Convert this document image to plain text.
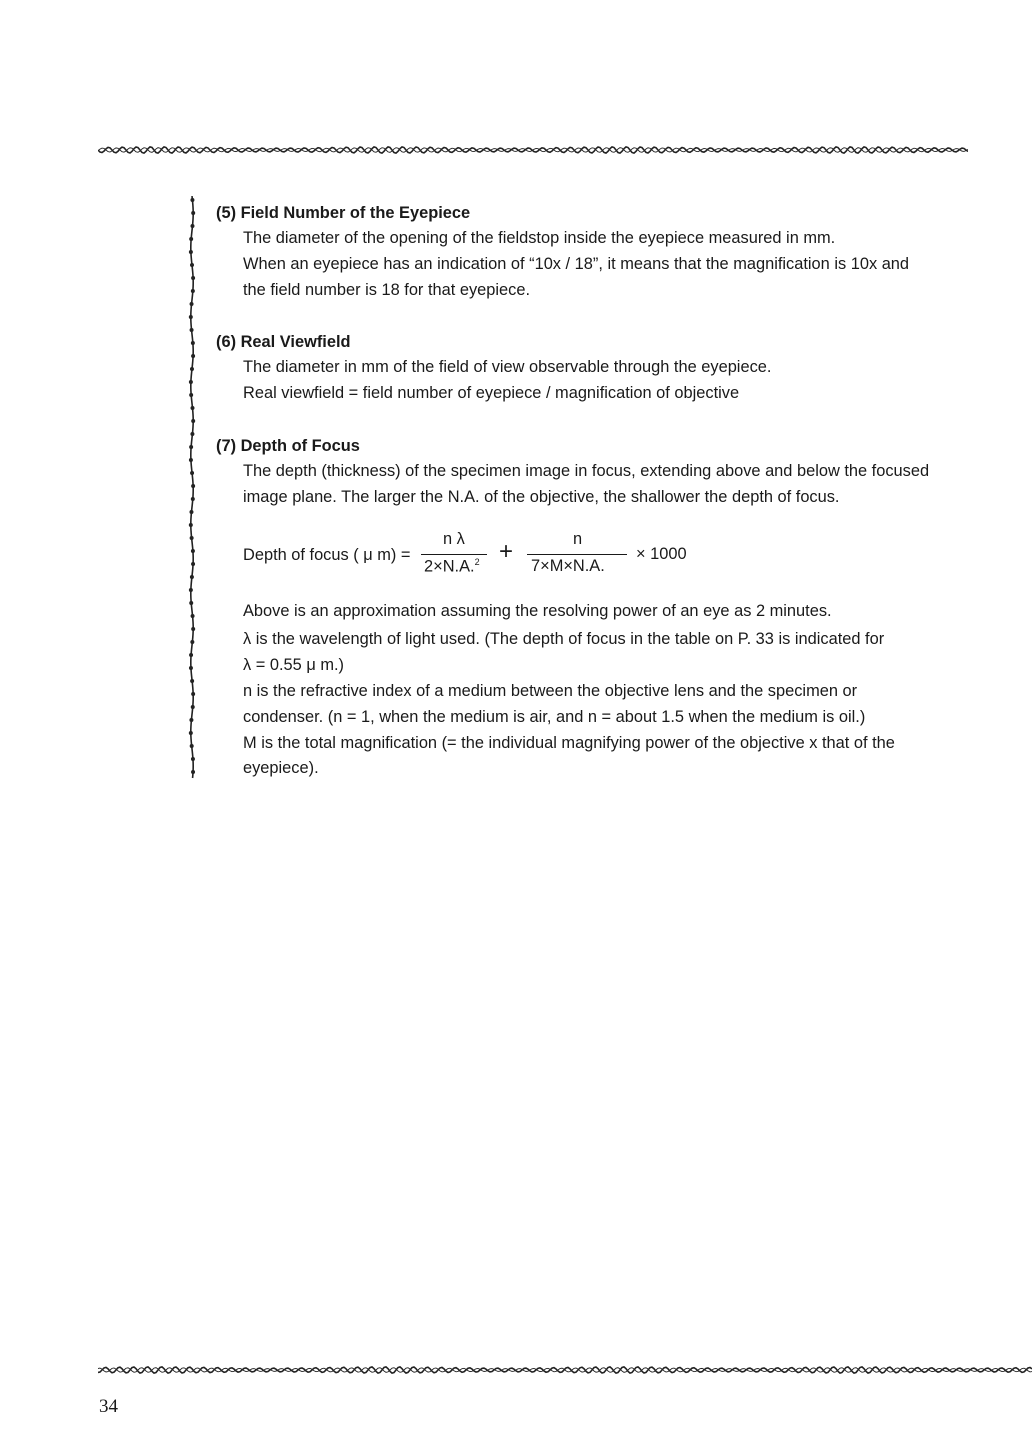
(5) Field Number of the Eyepiece
The diameter of the opening of the fieldstop inside the eyepiece measured in mm.
When an eyepiece has an indication of “10x / 18”, it means that the magnification is 10x and
the field number is 18 for that eyepiece.
(6) Real Viewfield
The diameter in mm of the field of view observable through the eyepiece.
Real viewfield = field number of eyepiece / magnification of objective
(7) Depth of Focus
The depth (thickness) of the specimen image in focus, extending above and below the focused
image plane. The larger the N.A. of the objective, the shallower the depth of focus.
Depth of focus ( μ m) =
n λ
2×N.A.$^2$ +	n
7×M×N.A.
× 1000
Above is an approximation assuming the resolving power of an eye as 2 minutes.
λ is the wavelength of light used. (The depth of focus in the table on P. 33 is indicated for
λ = 0.55 μ m.)
n is the refractive index of a medium between the objective lens and the specimen or
condenser. (n = 1, when the medium is air, and n = about 1.5 when the medium is oil.)
M is the total magnification (= the individual magnifying power of the objective x that of the
eyepiece).
34
